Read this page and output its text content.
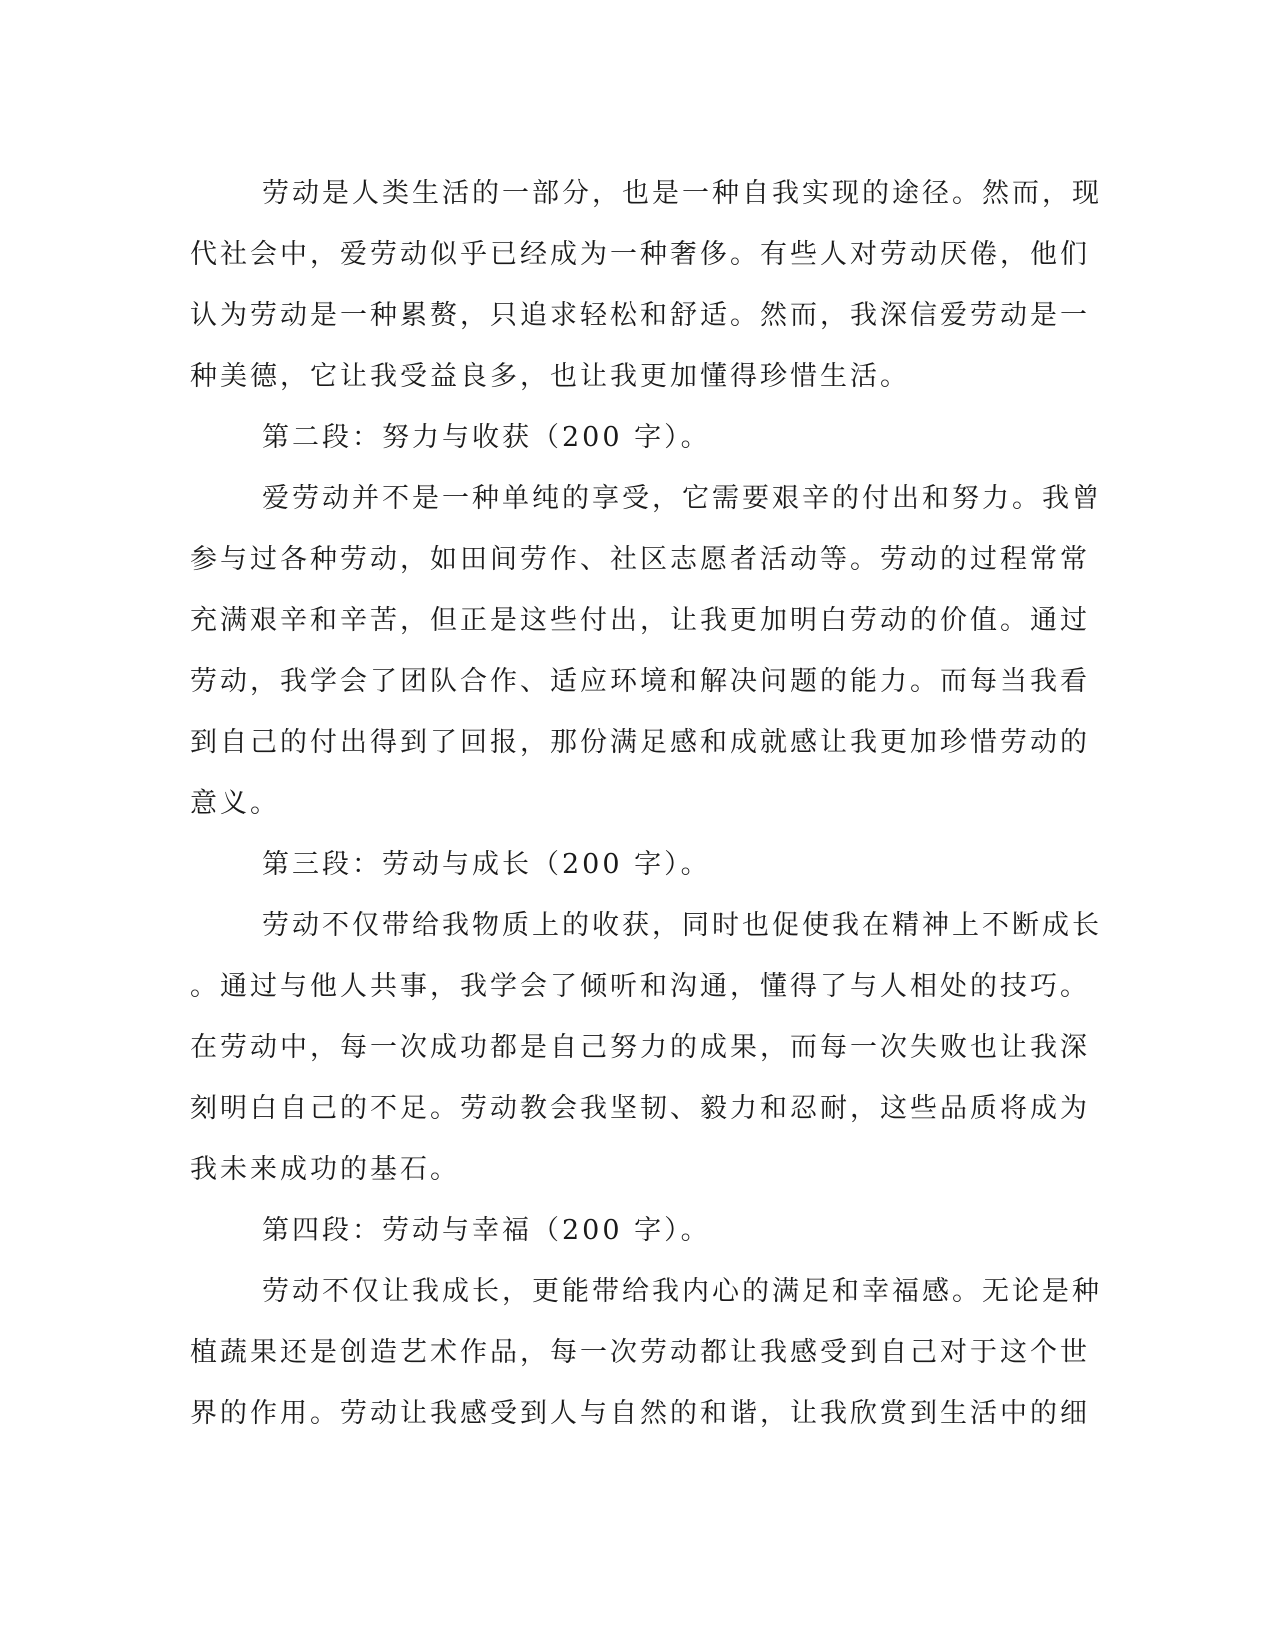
劳动是人类生活的一部分，也是一种自我实现的途径。然而，现
代社会中，爱劳动似乎已经成为一种奢侈。有些人对劳动厌倦，他们
认为劳动是一种累赘，只追求轻松和舒适。然而，我深信爱劳动是一
种美德，它让我受益良多，也让我更加懂得珍惜生活。
第二段：努力与收获（200 字）。
爱劳动并不是一种单纯的享受，它需要艰辛的付出和努力。我曾
参与过各种劳动，如田间劳作、社区志愿者活动等。劳动的过程常常
充满艰辛和辛苦，但正是这些付出，让我更加明白劳动的价值。通过
劳动，我学会了团队合作、适应环境和解决问题的能力。而每当我看
到自己的付出得到了回报，那份满足感和成就感让我更加珍惜劳动的
意义。
第三段：劳动与成长（200 字）。
劳动不仅带给我物质上的收获，同时也促使我在精神上不断成长
。通过与他人共事，我学会了倾听和沟通，懂得了与人相处的技巧。
在劳动中，每一次成功都是自己努力的成果，而每一次失败也让我深
刻明白自己的不足。劳动教会我坚韧、毅力和忍耐，这些品质将成为
我未来成功的基石。
第四段：劳动与幸福（200 字）。
劳动不仅让我成长，更能带给我内心的满足和幸福感。无论是种
植蔬果还是创造艺术作品，每一次劳动都让我感受到自己对于这个世
界的作用。劳动让我感受到人与自然的和谐，让我欣赏到生活中的细
